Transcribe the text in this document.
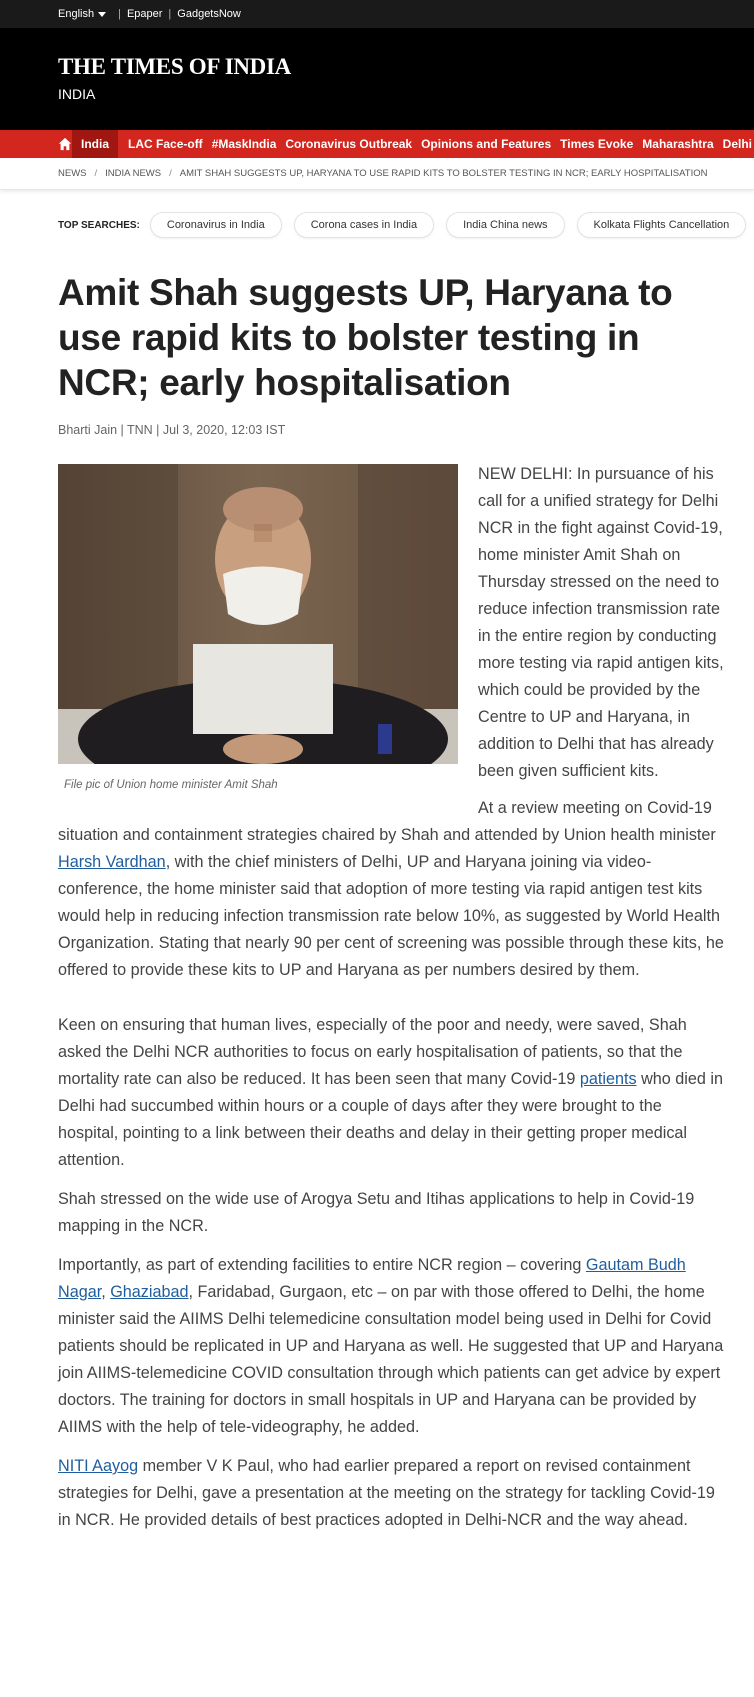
English	| Epaper | GadgetsNow
THE TIMES OF INDIA
INDIA
India	LAC Face-off #MaskIndia Coronavirus Outbreak Opinions and Features Times Evoke Maharashtra Delhi
NEWS / INDIA NEWS / AMIT SHAH SUGGESTS UP, HARYANA TO USE RAPID KITS TO BOLSTER TESTING IN NCR; EARLY HOSPITALISATION
TOP SEARCHES:	Coronavirus in India	Corona cases in India	India China news	Kolkata Flights Cancellation
Amit Shah suggests UP, Haryana to use rapid kits to bolster testing in NCR; early hospitalisation
Bharti Jain | TNN | Jul 3, 2020, 12:03 IST
File pic of Union home minister Amit Shah

NEW DELHI: In pursuance of his call for a unified strategy for Delhi NCR in the fight against Covid-19, home minister Amit Shah on Thursday stressed on the need to reduce infection transmission rate in the entire region by conducting more testing via rapid antigen kits, which could be provided by the Centre to UP and Haryana, in addition to Delhi that has already been given sufficient kits.

At a review meeting on Covid-19 situation and containment strategies chaired by Shah and attended by Union health minister Harsh Vardhan, with the chief ministers of Delhi, UP and Haryana joining via video-conference, the home minister said that adoption of more testing via rapid antigen test kits would help in reducing infection transmission rate below 10%, as suggested by World Health Organization. Stating that nearly 90 per cent of screening was possible through these kits, he offered to provide these kits to UP and Haryana as per numbers desired by them.

Keen on ensuring that human lives, especially of the poor and needy, were saved, Shah asked the Delhi NCR authorities to focus on early hospitalisation of patients, so that the mortality rate can also be reduced. It has been seen that many Covid-19 patients who died in Delhi had succumbed within hours or a couple of days after they were brought to the hospital, pointing to a link between their deaths and delay in their getting proper medical attention.

Shah stressed on the wide use of Arogya Setu and Itihas applications to help in Covid-19 mapping in the NCR.

Importantly, as part of extending facilities to entire NCR region – covering Gautam Budh Nagar, Ghaziabad, Faridabad, Gurgaon, etc – on par with those offered to Delhi, the home minister said the AIIMS Delhi telemedicine consultation model being used in Delhi for Covid patients should be replicated in UP and Haryana as well. He suggested that UP and Haryana join AIIMS-telemedicine COVID consultation through which patients can get advice by expert doctors. The training for doctors in small hospitals in UP and Haryana can be provided by AIIMS with the help of tele-videography, he added.

NITI Aayog member V K Paul, who had earlier prepared a report on revised containment strategies for Delhi, gave a presentation at the meeting on the strategy for tackling Covid-19 in NCR. He provided details of best practices adopted in Delhi-NCR and the way ahead.
